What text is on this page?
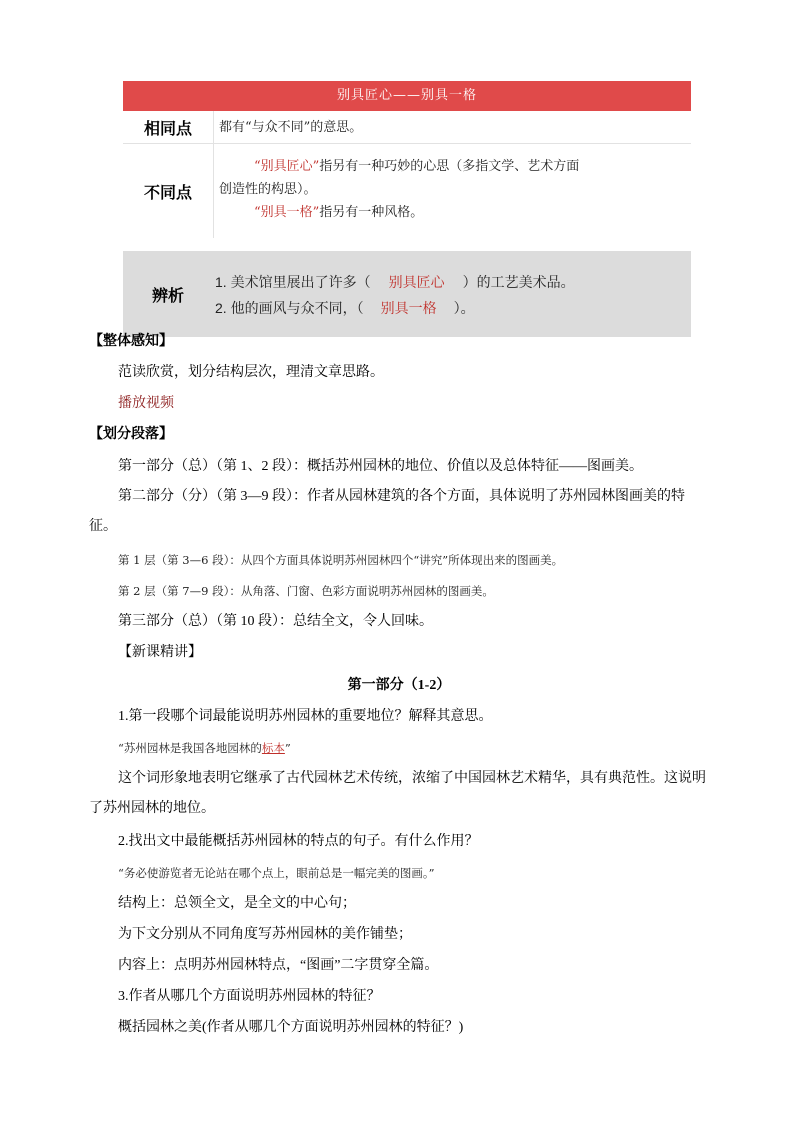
别具匠心——别具一格
相同点	都有“与众不同”的意思。
不同点
“别具匠心”指另有一种巧妙的心思（多指文学、艺术方面
创造性的构思）。
“别具一格”指另有一种风格。
辨析
1. 美术馆里展出了许多（ 别具匠心 ）的工艺美术品。
2. 他的画风与众不同，（ 别具一格 ）。
【整体感知】
范读欣赏，划分结构层次，理清文章思路。
播放视频
【划分段落】
第一部分（总）（第 1、2 段）：概括苏州园林的地位、价值以及总体特征——图画美。
第二部分（分）（第 3—9 段）：作者从园林建筑的各个方面，具体说明了苏州园林图画美的特征。
第 1 层（第 3—6 段）：从四个方面具体说明苏州园林四个“讲究”所体现出来的图画美。
第 2 层（第 7—9 段）：从角落、门窗、色彩方面说明苏州园林的图画美。
第三部分（总）（第 10 段）：总结全文，令人回味。
【新课精讲】
第一部分（1-2）
1.第一段哪个词最能说明苏州园林的重要地位？解释其意思。
“苏州园林是我国各地园林的标本”
这个词形象地表明它继承了古代园林艺术传统，浓缩了中国园林艺术精华，具有典范性。这说明了苏州园林的地位。
2.找出文中最能概括苏州园林的特点的句子。有什么作用？
“务必使游览者无论站在哪个点上，眼前总是一幅完美的图画。”
结构上：总领全文，是全文的中心句；
为下文分别从不同角度写苏州园林的美作铺垫；
内容上：点明苏州园林特点，“图画”二字贯穿全篇。
3.作者从哪几个方面说明苏州园林的特征？
概括园林之美(作者从哪几个方面说明苏州园林的特征？)
